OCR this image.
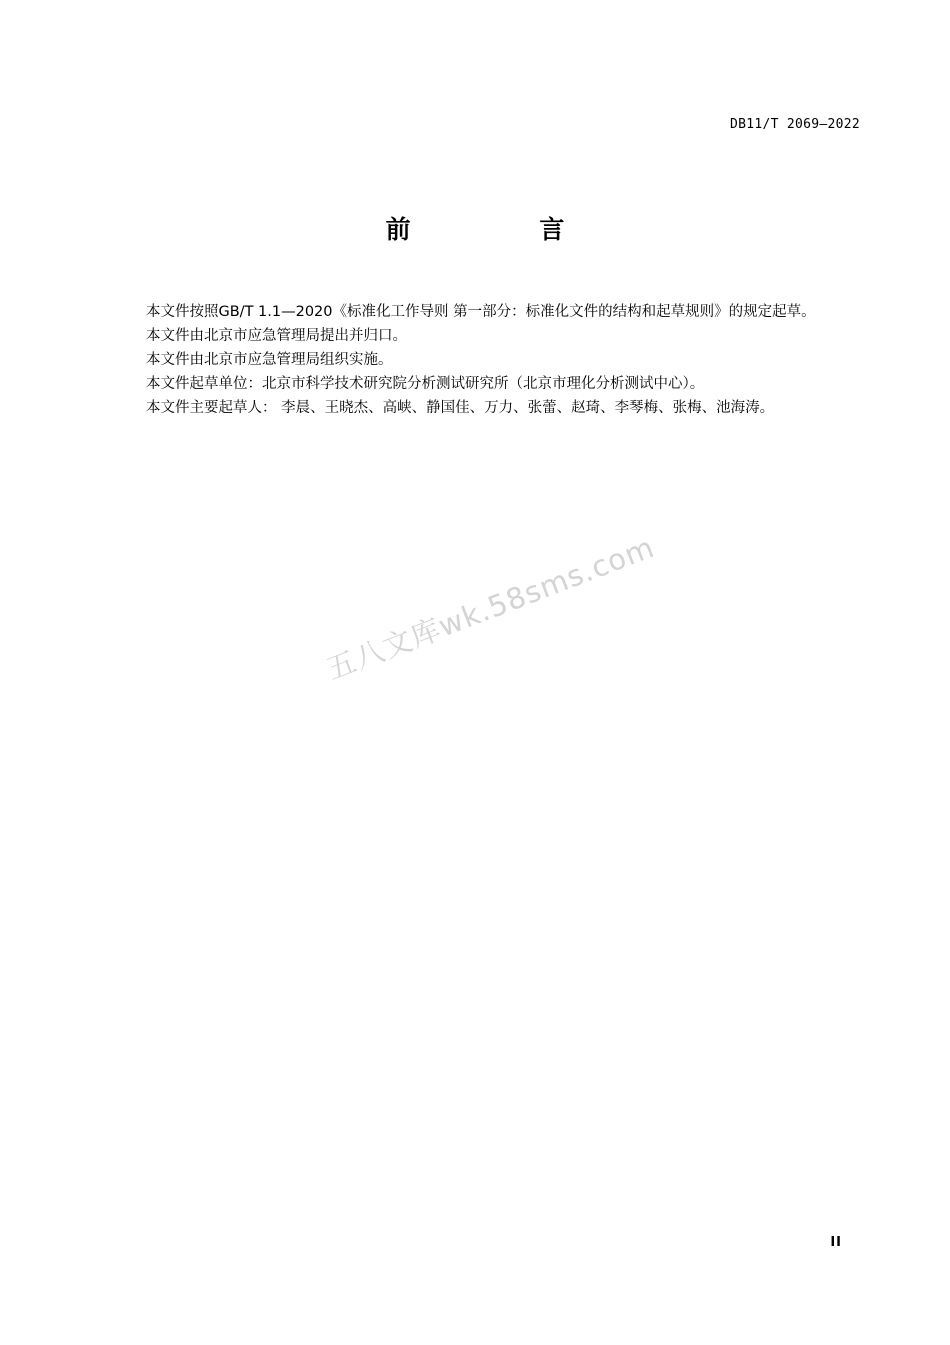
DB11/T 2069—2022
前 言

本文件按照GB/T 1.1—2020《标准化工作导则 第一部分：标准化文件的结构和起草规则》的规定起草。

本文件由北京市应急管理局提出并归口。

本文件由北京市应急管理局组织实施。

本文件起草单位：北京市科学技术研究院分析测试研究所（北京市理化分析测试中心）。

本文件主要起草人： 李晨、王晓杰、高峡、静国佳、万力、张蕾、赵琦、李琴梅、张梅、池海涛。

五八文库wk.58sms.com
II
